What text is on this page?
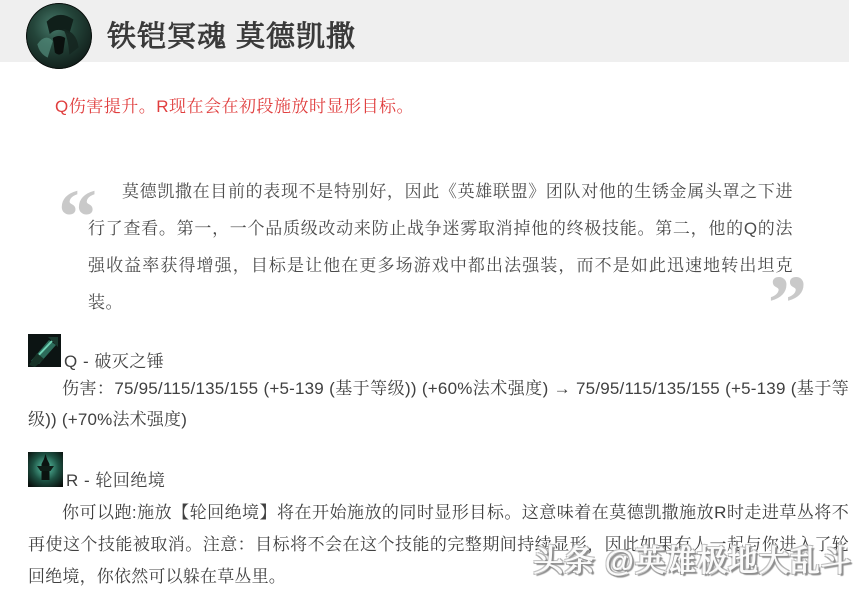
铁铠冥魂 莫德凯撒
Q伤害提升。R现在会在初段施放时显形目标。
“	莫德凯撒在目前的表现不是特别好，因此《英雄联盟》团队对他的生锈金属头罩之下进行了查看。第一，一个品质级改动来防止战争迷雾取消掉他的终极技能。第二，他的Q的法强收益率获得增强，目标是让他在更多场游戏中都出法强装，而不是如此迅速地转出坦克装。	”
Q - 破灭之锤
伤害：75/95/115/135/155 (+5-139 (基于等级)) (+60%法术强度) → 75/95/115/135/155 (+5-139 (基于等级)) (+70%法术强度)
R - 轮回绝境
你可以跑:施放【轮回绝境】将在开始施放的同时显形目标。这意味着在莫德凯撒施放R时走进草丛将不再使这个技能被取消。注意：目标将不会在这个技能的完整期间持续显形，因此如果有人一起与你进入了轮回绝境，你依然可以躲在草丛里。	头条 @英雄极地大乱斗
